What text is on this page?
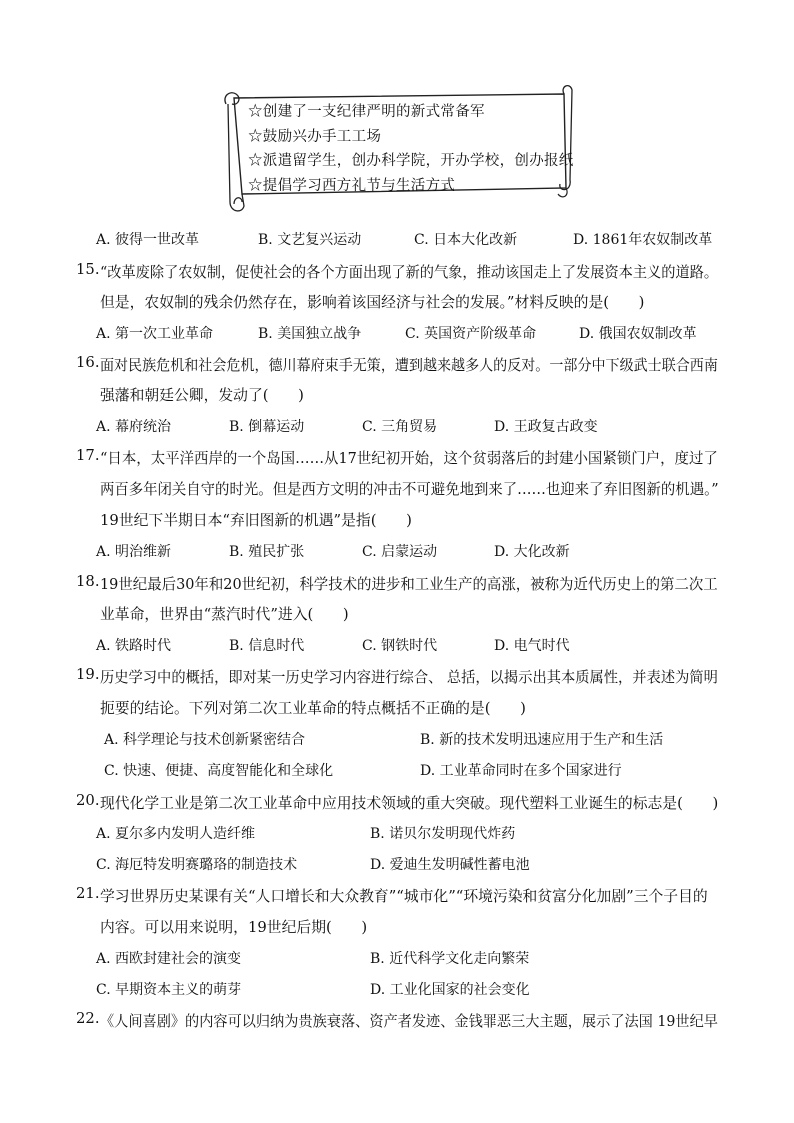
☆创建了一支纪律严明的新式常备军
☆鼓励兴办手工工场
☆派遣留学生，创办科学院，开办学校，创办报纸
☆提倡学习西方礼节与生活方式
A. 彼得一世改革	B. 文艺复兴运动	C. 日本大化改新	D. 1861年农奴制改革
15. “改革废除了农奴制，促使社会的各个方面出现了新的气象，推动该国走上了发展资本主义的道路。
但是，农奴制的残余仍然存在，影响着该国经济与社会的发展。”材料反映的是(　　)
A. 第一次工业革命	B. 美国独立战争	C. 英国资产阶级革命	D. 俄国农奴制改革
16. 面对民族危机和社会危机，德川幕府束手无策，遭到越来越多人的反对。一部分中下级武士联合西南
强藩和朝廷公卿，发动了(　　)
A. 幕府统治	B. 倒幕运动	C. 三角贸易	D. 王政复古政变
17. “日本，太平洋西岸的一个岛国……从17世纪初开始，这个贫弱落后的封建小国紧锁门户，度过了
两百多年闭关自守的时光。但是西方文明的冲击不可避免地到来了……也迎来了弃旧图新的机遇。”
19世纪下半期日本“弃旧图新的机遇”是指(　　)
A. 明治维新	B. 殖民扩张	C. 启蒙运动	D. 大化改新
18. 19世纪最后30年和20世纪初，科学技术的进步和工业生产的高涨，被称为近代历史上的第二次工
业革命，世界由“蒸汽时代”进入(　　)
A. 铁路时代	B. 信息时代	C. 钢铁时代	D. 电气时代
19. 历史学习中的概括，即对某一历史学习内容进行综合、 总括，以揭示出其本质属性，并表述为简明
扼要的结论。下列对第二次工业革命的特点概括不正确的是(　　)
A. 科学理论与技术创新紧密结合	B. 新的技术发明迅速应用于生产和生活
C. 快速、便捷、高度智能化和全球化	D. 工业革命同时在多个国家进行
20. 现代化学工业是第二次工业革命中应用技术领域的重大突破。现代塑料工业诞生的标志是(　　)
A. 夏尔多内发明人造纤维	B. 诺贝尔发明现代炸药
C. 海厄特发明赛璐珞的制造技术	D. 爱迪生发明碱性蓄电池
21. 学习世界历史某课有关“人口增长和大众教育”“城市化”“环境污染和贫富分化加剧”三个子目的
内容。可以用来说明，19世纪后期(　　)
A. 西欧封建社会的演变	B. 近代科学文化走向繁荣
C. 早期资本主义的萌芽	D. 工业化国家的社会变化
22. 《人间喜剧》的内容可以归纳为贵族衰落、资产者发迹、金钱罪恶三大主题，展示了法国 19世纪早
